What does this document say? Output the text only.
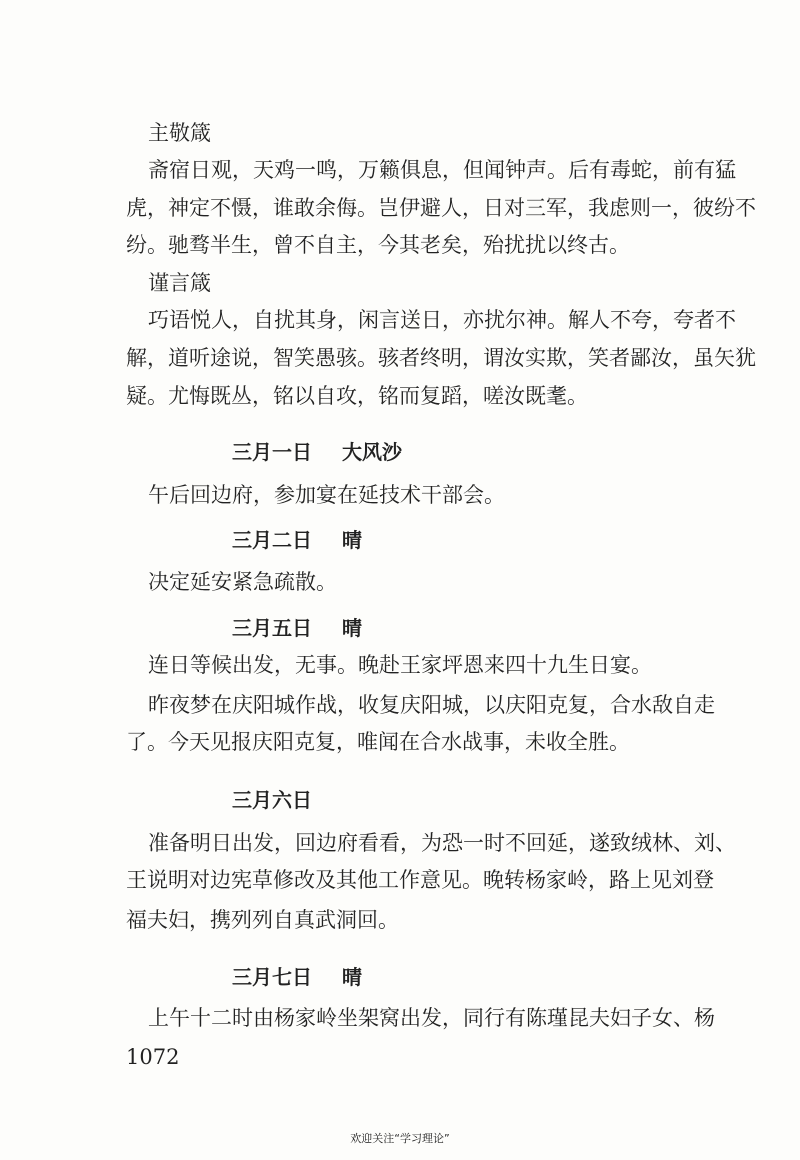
主敬箴
斋宿日观，天鸡一鸣，万籁俱息，但闻钟声。后有毒蛇，前有猛
虎，神定不慑，谁敢余侮。岂伊避人，日对三军，我虑则一，彼纷不
纷。驰骛半生，曾不自主，今其老矣，殆扰扰以终古。
谨言箴
巧语悦人，自扰其身，闲言送日，亦扰尔神。解人不夸，夸者不
解，道听途说，智笑愚骇。骇者终明，谓汝实欺，笑者鄙汝，虽矢犹
疑。尤悔既丛，铭以自攻，铭而复蹈，嗟汝既耄。
三月一日 大风沙
午后回边府，参加宴在延技术干部会。
三月二日 晴
决定延安紧急疏散。
三月五日 晴
连日等候出发，无事。晚赴王家坪恩来四十九生日宴。
昨夜梦在庆阳城作战，收复庆阳城，以庆阳克复，合水敌自走
了。今天见报庆阳克复，唯闻在合水战事，未收全胜。
三月六日
准备明日出发，回边府看看，为恐一时不回延，遂致绒林、刘、
王说明对边宪草修改及其他工作意见。晚转杨家岭，路上见刘登
福夫妇，携列列自真武洞回。
三月七日 晴
上午十二时由杨家岭坐架窝出发，同行有陈瑾昆夫妇子女、杨
1072
欢迎关注“学习理论”
